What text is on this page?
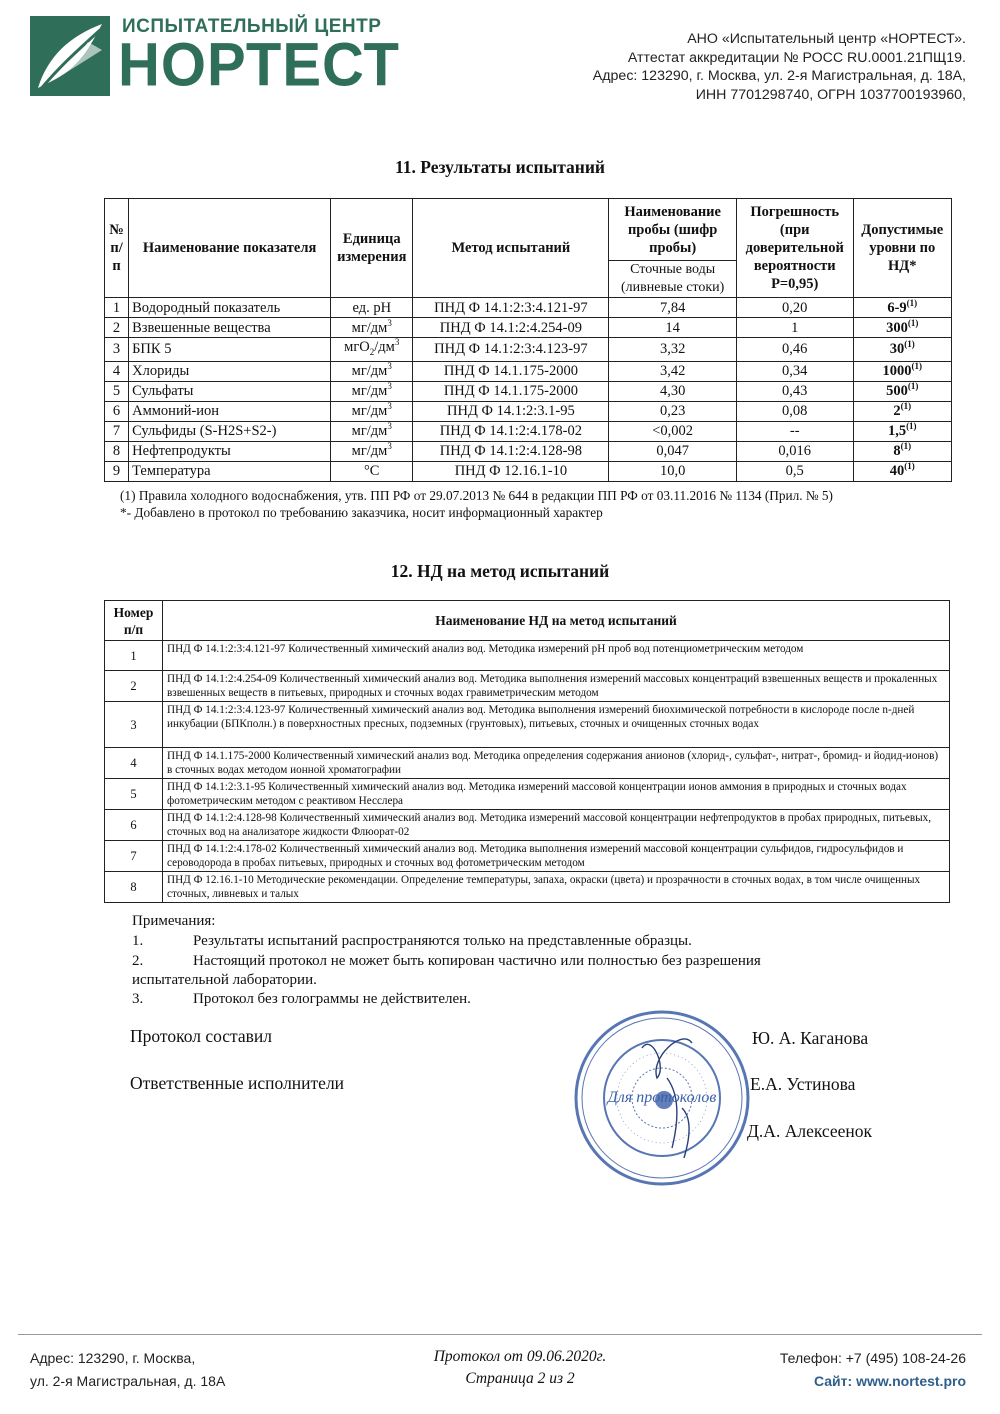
ИСПЫТАТЕЛЬНЫЙ ЦЕНТР
НОРТЕСТ	АНО «Испытательный центр «НОРТЕСТ».
Аттестат аккредитации № РОСС RU.0001.21ПЩ19.
Адрес: 123290, г. Москва, ул. 2-я Магистральная, д. 18А,
ИНН 7701298740, ОГРН 1037700193960,
11. Результаты испытаний
№ п/п	Наименование показателя	Единица измерения	Метод испытаний	Наименование пробы (шифр пробы)	Погрешность (при доверительной вероятности Р=0,95)	Допустимые уровни по НД*
				Сточные воды (ливневые стоки)		
1	Водородный показатель	ед. рН	ПНД Ф 14.1:2:3:4.121-97	7,84	0,20	6-9$^{(1)}$
2	Взвешенные вещества	$мг/дм^3$	ПНД Ф 14.1:2:4.254-09	14	1	300$^{(1)}$
3	БПК 5	$мгО_2/дм^3$	ПНД Ф 14.1:2:3:4.123-97	3,32	0,46	30$^{(1)}$
4	Хлориды	$мг/дм^3$	ПНД Ф 14.1.175-2000	3,42	0,34	1000$^{(1)}$
5	Сульфаты	$мг/дм^3$	ПНД Ф 14.1.175-2000	4,30	0,43	500$^{(1)}$
6	Аммоний-ион	$мг/дм^3$	ПНД Ф 14.1:2:3.1-95	0,23	0,08	2$^{(1)}$
7	Сульфиды (S-H2S+S2-)	$мг/дм^3$	ПНД Ф 14.1:2:4.178-02	<0,002	--	1,5$^{(1)}$
8	Нефтепродукты	$мг/дм^3$	ПНД Ф 14.1:2:4.128-98	0,047	0,016	8$^{(1)}$
9	Температура	°С	ПНД Ф 12.16.1-10	10,0	0,5	40$^{(1)}$
(1) Правила холодного водоснабжения, утв. ПП РФ от 29.07.2013 № 644 в редакции ПП РФ от 03.11.2016 № 1134 (Прил. № 5)
*- Добавлено в протокол по требованию заказчика, носит информационный характер
12. НД на метод испытаний
Номер п/п	Наименование НД на метод испытаний
1	ПНД Ф 14.1:2:3:4.121-97 Количественный химический анализ вод. Методика измерений рН проб вод потенциометрическим методом
2	ПНД Ф 14.1:2:4.254-09 Количественный химический анализ вод. Методика выполнения измерений массовых концентраций взвешенных веществ и прокаленных взвешенных веществ в питьевых, природных и сточных водах гравиметрическим методом
3	ПНД Ф 14.1:2:3:4.123-97 Количественный химический анализ вод. Методика выполнения измерений биохимической потребности в кислороде после n-дней инкубации (БПКполн.) в поверхностных пресных, подземных (грунтовых), питьевых, сточных и очищенных сточных водах
4	ПНД Ф 14.1.175-2000 Количественный химический анализ вод. Методика определения содержания анионов (хлорид-, сульфат-, нитрат-, бромид- и йодид-ионов) в сточных водах методом ионной хроматографии
5	ПНД Ф 14.1:2:3.1-95 Количественный химический анализ вод. Методика измерений массовой концентрации ионов аммония в природных и сточных водах фотометрическим методом с реактивом Несслера
6	ПНД Ф 14.1:2:4.128-98 Количественный химический анализ вод. Методика измерений массовой концентрации нефтепродуктов в пробах природных, питьевых, сточных вод на анализаторе жидкости Флюорат-02
7	ПНД Ф 14.1:2:4.178-02 Количественный химический анализ вод. Методика выполнения измерений массовой концентрации сульфидов, гидросульфидов и сероводорода в пробах питьевых, природных и сточных вод фотометрическим методом
8	ПНД Ф 12.16.1-10 Методические рекомендации. Определение температуры, запаха, окраски (цвета) и прозрачности в сточных водах, в том числе очищенных сточных, ливневых и талых
Примечания:
1.	Результаты испытаний распространяются только на представленные образцы.
2.	Настоящий протокол не может быть копирован частично или полностью без разрешения
испытательной лаборатории.
3.	Протокол без голограммы не действителен.
Протокол составил
Ответственные исполнители
Ю. А. Каганова
Е.А. Устинова
Д.А. Алексеенок
Для протоколов
Адрес: 123290, г. Москва,
ул. 2-я Магистральная, д. 18А
Протокол от 09.06.2020г.
Страница 2 из 2
Телефон: +7 (495) 108-24-26
Сайт: www.nortest.pro
